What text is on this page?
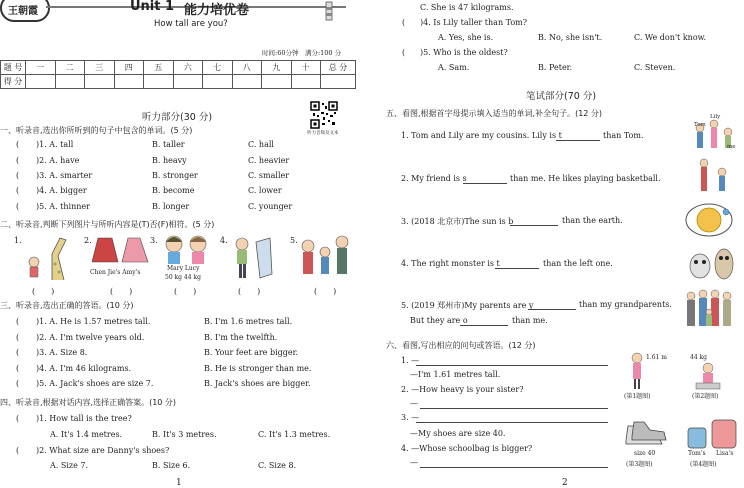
王朝霞	Unit 1 能力培优卷
How tall are you?
时间:60分钟　满分:100 分
题 号	一	二	三	四	五	六	七	八	九	十	总 分
得 分											
听力部分(30 分)
听力音频及文本
一、听录音,选出你所听到的句子中包含的单词。(5 分)
( )1. A. tall	B. taller	C. hall
( )2. A. have	B. heavy	C. heavier
( )3. A. smarter	B. stronger	C. smaller
( )4. A. bigger	B. become	C. lower
( )5. A. thinner	B. longer	C. younger
二、听录音,判断下列图片与所听内容是(T)否(F)相符。(5 分)
1.	2.	3.	4.	5.
Chen Jie's Amy's
Mary Lucy
50 kg 44 kg
(　　)	(　　)	(　　)	(　　)	(　　)
三、听录音,选出正确的答语。(10 分)
( )1. A. He is 1.57 metres tall.	B. I'm 1.6 metres tall.
( )2. A. I'm twelve years old.	B. I'm the twelfth.
( )3. A. Size 8.	B. Your feet are bigger.
( )4. A. I'm 46 kilograms.	B. He is stronger than me.
( )5. A. Jack's shoes are size 7.	B. Jack's shoes are bigger.
四、听录音,根据对话内容,选择正确答案。(10 分)
( )1. How tall is the tree?
A. It's 1.4 metres.	B. It's 3 metres.	C. It's 1.3 metres.
( )2. What size are Danny's shoes?
A. Size 7.	B. Size 6.	C. Size 8.
1
C. She is 47 kilograms.
( )4. Is Lily taller than Tom?
A. Yes, she is.	B. No, she isn't.	C. We don't know.
( )5. Who is the oldest?
A. Sam.	B. Peter.	C. Steven.
笔试部分(70 分)
五、看图,根据首字母提示填入适当的单词,补全句子。(12 分)
1. Tom and Lily are my cousins. Lily is t	than Tom.
Lily
Tom
me
2. My friend is s	than me. He likes playing basketball.
3. (2018 北京市)The sun is b	than the earth.
4. The right monster is t	than the left one.
5. (2019 郑州市)My parents are y	than my grandparents.
But they are o	than me.
六、看图,写出相应的问句或答语。(12 分)
1. —
—I'm 1.61 metres tall.
2. —How heavy is your sister?
—
3. —
—My shoes are size 40.
4. —Whose schoolbag is bigger?
—
1.61 m	44 kg
(第1题图)	(第2题图)
size 40
(第3题图)
Tom's Lisa's
(第4题图)
2
